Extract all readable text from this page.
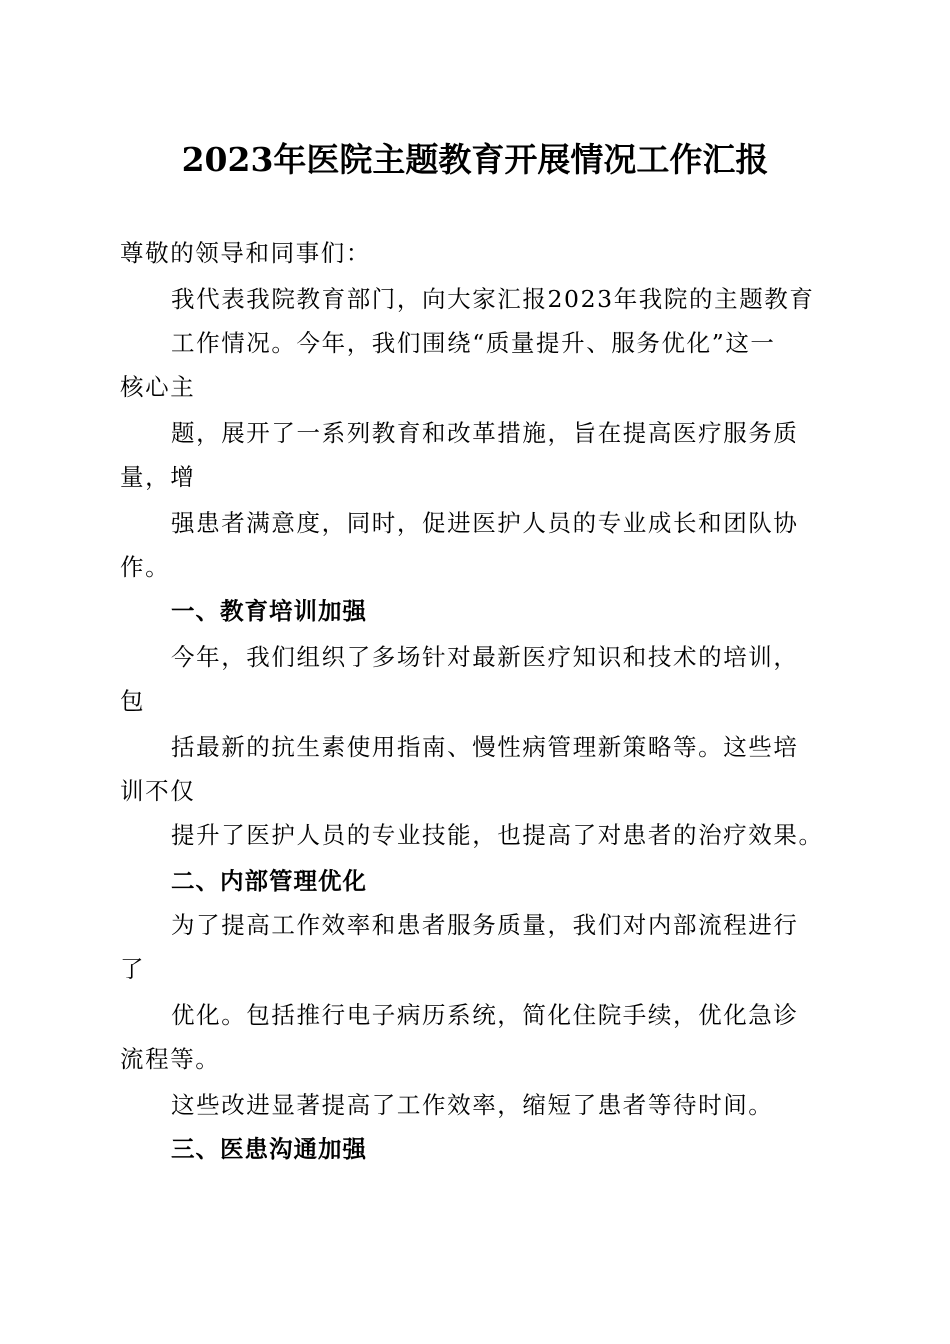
2023年医院主题教育开展情况工作汇报
尊敬的领导和同事们：
我代表我院教育部门，向大家汇报2023年我院的主题教育
工作情况。今年，我们围绕“质量提升、服务优化”这一
核心主
题，展开了一系列教育和改革措施，旨在提高医疗服务质
量，增
强患者满意度，同时，促进医护人员的专业成长和团队协
作。
一、教育培训加强
今年，我们组织了多场针对最新医疗知识和技术的培训，
包
括最新的抗生素使用指南、慢性病管理新策略等。这些培
训不仅
提升了医护人员的专业技能，也提高了对患者的治疗效果。
二、内部管理优化
为了提高工作效率和患者服务质量，我们对内部流程进行
了
优化。包括推行电子病历系统，简化住院手续，优化急诊
流程等。
这些改进显著提高了工作效率，缩短了患者等待时间。
三、医患沟通加强
